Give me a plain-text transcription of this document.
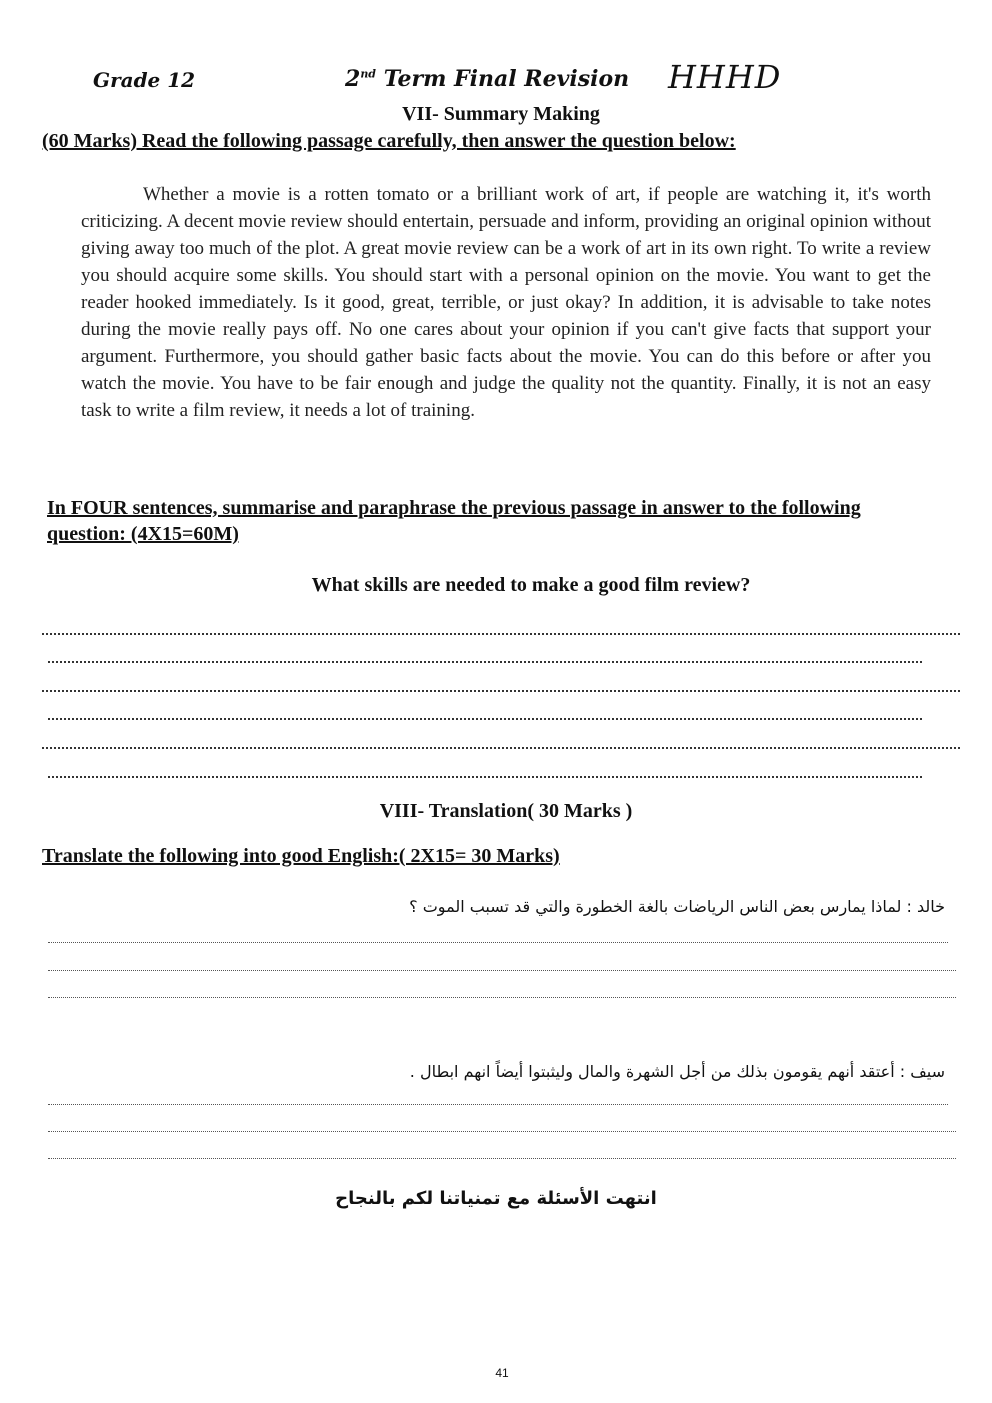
Grade 12	2nd Term Final Revision HHHD
VII- Summary Making
(60 Marks) Read the following passage carefully, then answer the question below:
Whether a movie is a rotten tomato or a brilliant work of art, if people are watching it, it's worth criticizing. A decent movie review should entertain, persuade and inform, providing an original opinion without giving away too much of the plot. A great movie review can be a work of art in its own right. To write a review you should acquire some skills. You should start with a personal opinion on the movie. You want to get the reader hooked immediately. Is it good, great, terrible, or just okay? In addition, it is advisable to take notes during the movie really pays off. No one cares about your opinion if you can't give facts that support your argument. Furthermore, you should gather basic facts about the movie. You can do this before or after you watch the movie. You have to be fair enough and judge the quality not the quantity. Finally, it is not an easy task to write a film review, it needs a lot of training.
In FOUR sentences, summarise and paraphrase the previous passage in answer to the following question: (4X15=60M)
What skills are needed to make a good film review?
VIII- Translation( 30 Marks )
Translate the following into good English:( 2X15= 30 Marks)
خالد : لماذا يمارس بعض الناس الرياضات بالغة الخطورة والتي قد تسبب الموت ؟
سيف : أعتقد أنهم يقومون بذلك من أجل الشهرة والمال وليثبتوا أيضاً انهم ابطال .
انتهت الأسئلة مع تمنياتنا لكم بالنجاح
41
